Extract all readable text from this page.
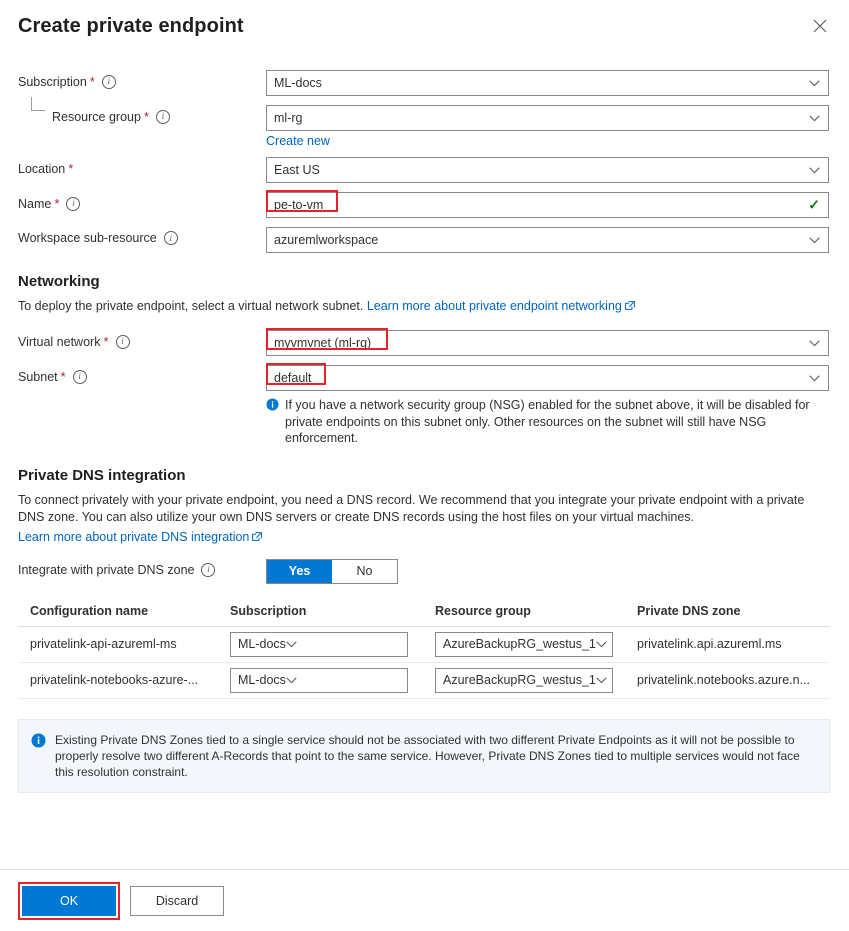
Create private endpoint
Subscription *	i	ML-docs
Resource group *	i	ml-rg
Create new
Location *	East US
Name *	i	pe-to-vm	✓
Workspace sub-resource	i	azuremlworkspace
Networking
To deploy the private endpoint, select a virtual network subnet. Learn more about private endpoint networking
Virtual network *	i	myvmvnet (ml-rg)
Subnet *	i	default
If you have a network security group (NSG) enabled for the subnet above, it will be disabled for private endpoints on this subnet only. Other resources on the subnet will still have NSG enforcement.
Private DNS integration
To connect privately with your private endpoint, you need a DNS record. We recommend that you integrate your private endpoint with a private DNS zone. You can also utilize your own DNS servers or create DNS records using the host files on your virtual machines.
Learn more about private DNS integration
Integrate with private DNS zone	i	Yes	No
Configuration name	Subscription	Resource group	Private DNS zone
privatelink-api-azureml-ms	ML-docs	AzureBackupRG_westus_1	privatelink.api.azureml.ms
privatelink-notebooks-azure-...	ML-docs	AzureBackupRG_westus_1	privatelink.notebooks.azure.n...
Existing Private DNS Zones tied to a single service should not be associated with two different Private Endpoints as it will not be possible to properly resolve two different A-Records that point to the same service. However, Private DNS Zones tied to multiple services would not face this resolution constraint.
OK	Discard
